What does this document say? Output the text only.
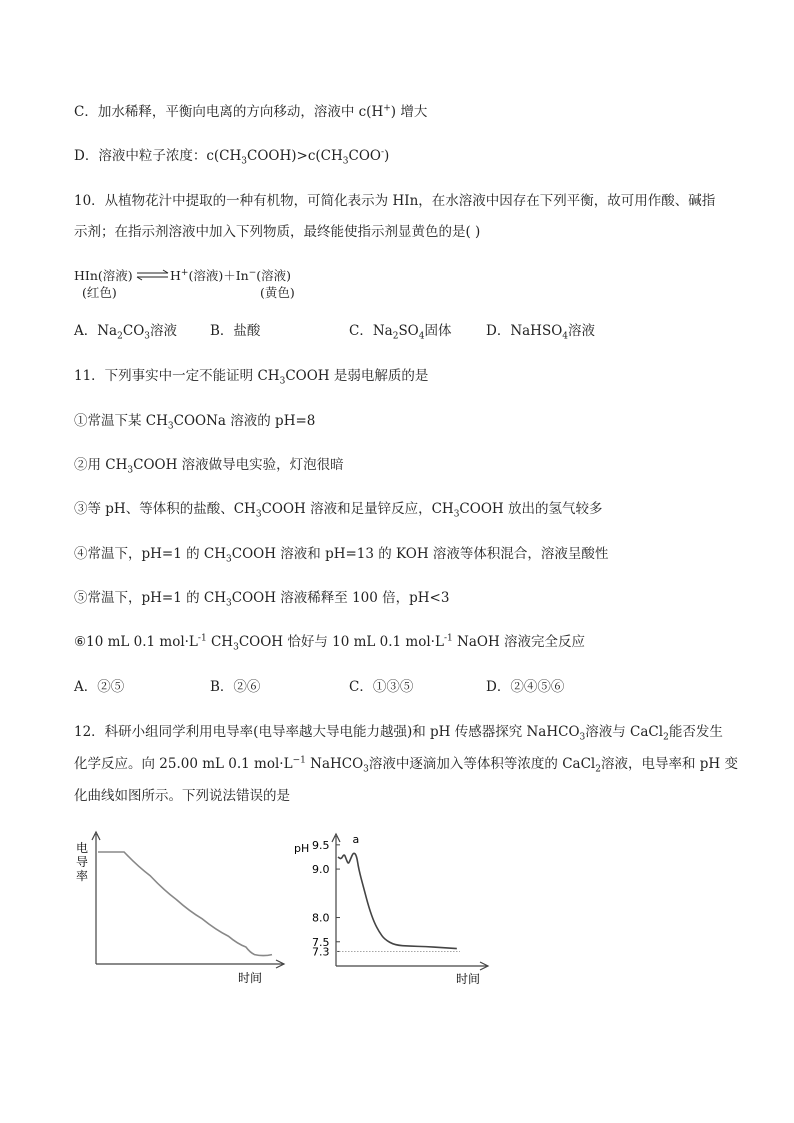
C．加水稀释，平衡向电离的方向移动，溶液中 c(H+) 增大
D．溶液中粒子浓度：$c(CH_3COOH)>c(CH_3COO^-)$
10．从植物花汁中提取的一种有机物，可简化表示为 HIn，在水溶液中因存在下列平衡，故可用作酸、碱指
示剂；在指示剂溶液中加入下列物质，最终能使指示剂显黄色的是( )
HIn(溶液) ⇌ H+(溶液)＋In−(溶液)
(红色)	(黄色)
A．$Na_2CO_3$溶液 B．盐酸	C．$Na_2SO_4$固体	D．NaHSO$_4$溶液
11．下列事实中一定不能证明 $CH_3COOH$ 是弱电解质的是
①常温下某 $CH_3COONa$ 溶液的 pH=8
②用 $CH_3COOH$ 溶液做导电实验，灯泡很暗
③等 pH、等体积的盐酸、$CH_3COOH$ 溶液和足量锌反应，$CH_3COOH$ 放出的氢气较多
④常温下，pH=1 的 $CH_3COOH$ 溶液和 pH=13 的 KOH 溶液等体积混合，溶液呈酸性
⑤常温下，pH=1 的 $CH_3COOH$ 溶液稀释至 100 倍，pH<3
⑥10 mL 0.1 $mol\cdot L^{-1}$ $CH_3COOH$ 恰好与 10 mL 0.1 $mol\cdot L^{-1}$ NaOH 溶液完全反应
A．②⑤	B．②⑥	C．①③⑤	D．②④⑤⑥
12．科研小组同学利用电导率(电导率越大导电能力越强)和 pH 传感器探究 NaHCO$_3$溶液与 CaCl$_2$能否发生
化学反应。向 25.00 mL 0.1 $mol\cdot L^{-1}$ NaHCO$_3$溶液中逐滴加入等体积等浓度的 CaCl$_2$溶液，电导率和 pH 变
化曲线如图所示。下列说法错误的是
电
导
率
时间
pH 9.5
9.0
8.0
7.5
7.3
a
时间
